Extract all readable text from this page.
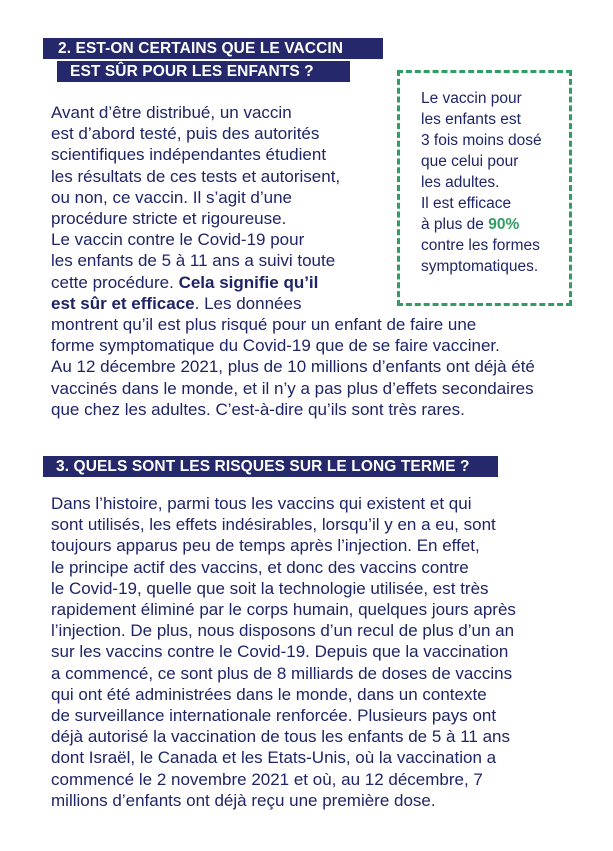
2. EST-ON CERTAINS QUE LE VACCIN
EST SÛR POUR LES ENFANTS ?
Le vaccin pour
les enfants est
3 fois moins dosé
que celui pour
les adultes.
Il est efficace
à plus de 90%
contre les formes
symptomatiques.

Avant d’être distribué, un vaccin
est d’abord testé, puis des autorités
scientifiques indépendantes étudient
les résultats de ces tests et autorisent,
ou non, ce vaccin. Il s’agit d’une
procédure stricte et rigoureuse.
Le vaccin contre le Covid-19 pour
les enfants de 5 à 11 ans a suivi toute
cette procédure. Cela signifie qu’il
est sûr et efficace. Les données
montrent qu’il est plus risqué pour un enfant de faire une
forme symptomatique du Covid-19 que de se faire vacciner.
Au 12 décembre 2021, plus de 10 millions d’enfants ont déjà été
vaccinés dans le monde, et il n’y a pas plus d’effets secondaires
que chez les adultes. C’est-à-dire qu’ils sont très rares.

3. QUELS SONT LES RISQUES SUR LE LONG TERME ?

Dans l’histoire, parmi tous les vaccins qui existent et qui
sont utilisés, les effets indésirables, lorsqu’il y en a eu, sont
toujours apparus peu de temps après l’injection. En effet,
le principe actif des vaccins, et donc des vaccins contre
le Covid-19, quelle que soit la technologie utilisée, est très
rapidement éliminé par le corps humain, quelques jours après
l’injection. De plus, nous disposons d’un recul de plus d’un an
sur les vaccins contre le Covid-19. Depuis que la vaccination
a commencé, ce sont plus de 8 milliards de doses de vaccins
qui ont été administrées dans le monde, dans un contexte
de surveillance internationale renforcée. Plusieurs pays ont
déjà autorisé la vaccination de tous les enfants de 5 à 11 ans
dont Israël, le Canada et les Etats-Unis, où la vaccination a
commencé le 2 novembre 2021 et où, au 12 décembre, 7
millions d’enfants ont déjà reçu une première dose.
